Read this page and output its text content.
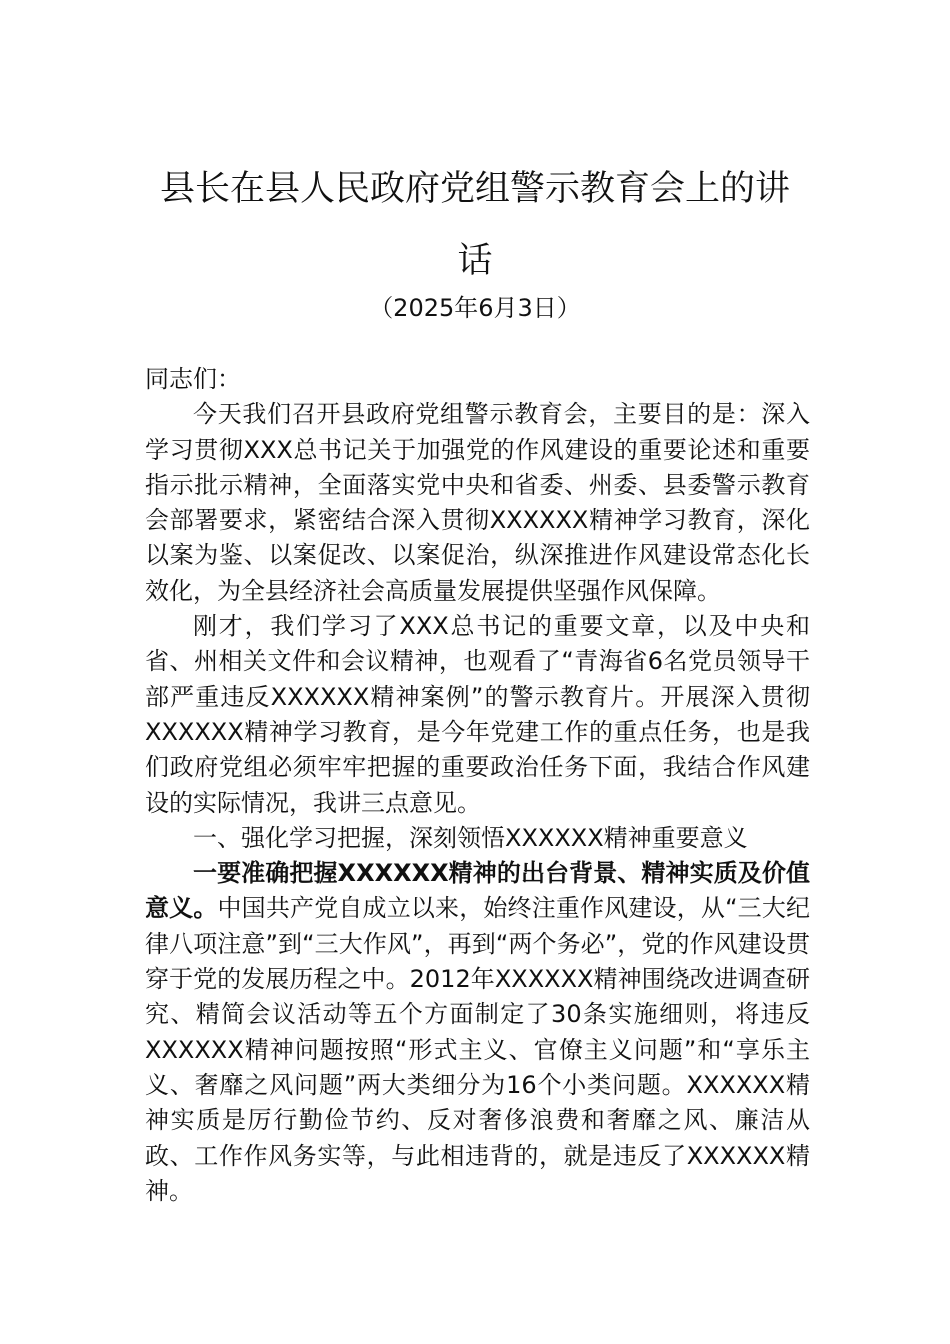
县长在县人民政府党组警示教育会上的讲话

（2025年6月3日）

同志们：

今天我们召开县政府党组警示教育会，主要目的是：深入学习贯彻XXX总书记关于加强党的作风建设的重要论述和重要指示批示精神，全面落实党中央和省委、州委、县委警示教育会部署要求，紧密结合深入贯彻XXXXXX精神学习教育，深化以案为鉴、以案促改、以案促治，纵深推进作风建设常态化长效化，为全县经济社会高质量发展提供坚强作风保障。

刚才，我们学习了XXX总书记的重要文章，以及中央和省、州相关文件和会议精神，也观看了“青海省6名党员领导干部严重违反XXXXXX精神案例”的警示教育片。开展深入贯彻XXXXXX精神学习教育，是今年党建工作的重点任务，也是我们政府党组必须牢牢把握的重要政治任务下面，我结合作风建设的实际情况，我讲三点意见。

一、强化学习把握，深刻领悟XXXXXX精神重要意义

一要准确把握XXXXXX精神的出台背景、精神实质及价值意义。中国共产党自成立以来，始终注重作风建设，从“三大纪律八项注意”到“三大作风”，再到“两个务必”，党的作风建设贯穿于党的发展历程之中。2012年XXXXXX精神围绕改进调查研究、精简会议活动等五个方面制定了30条实施细则，将违反XXXXXX精神问题按照“形式主义、官僚主义问题”和“享乐主义、奢靡之风问题”两大类细分为16个小类问题。XXXXXX精神实质是厉行勤俭节约、反对奢侈浪费和奢靡之风、廉洁从政、工作作风务实等，与此相违背的，就是违反了XXXXXX精神。
